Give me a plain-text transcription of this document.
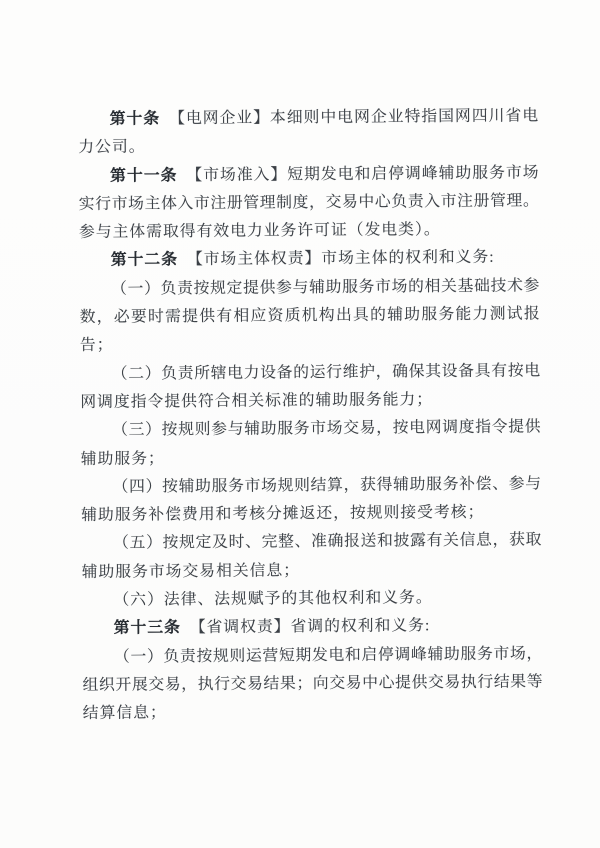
第十条　【电网企业】本细则中电网企业特指国网四川省电
力公司。
第十一条　【市场准入】短期发电和启停调峰辅助服务市场
实行市场主体入市注册管理制度，交易中心负责入市注册管理。
参与主体需取得有效电力业务许可证（发电类）。
第十二条　【市场主体权责】市场主体的权利和义务:
（一）负责按规定提供参与辅助服务市场的相关基础技术参
数，必要时需提供有相应资质机构出具的辅助服务能力测试报
告；
（二）负责所辖电力设备的运行维护，确保其设备具有按电
网调度指令提供符合相关标准的辅助服务能力；
（三）按规则参与辅助服务市场交易，按电网调度指令提供
辅助服务；
（四）按辅助服务市场规则结算，获得辅助服务补偿、参与
辅助服务补偿费用和考核分摊返还，按规则接受考核；
（五）按规定及时、完整、准确报送和披露有关信息，获取
辅助服务市场交易相关信息；
（六）法律、法规赋予的其他权利和义务。
第十三条　【省调权责】省调的权利和义务:
（一）负责按规则运营短期发电和启停调峰辅助服务市场，
组织开展交易，执行交易结果；向交易中心提供交易执行结果等
结算信息；
